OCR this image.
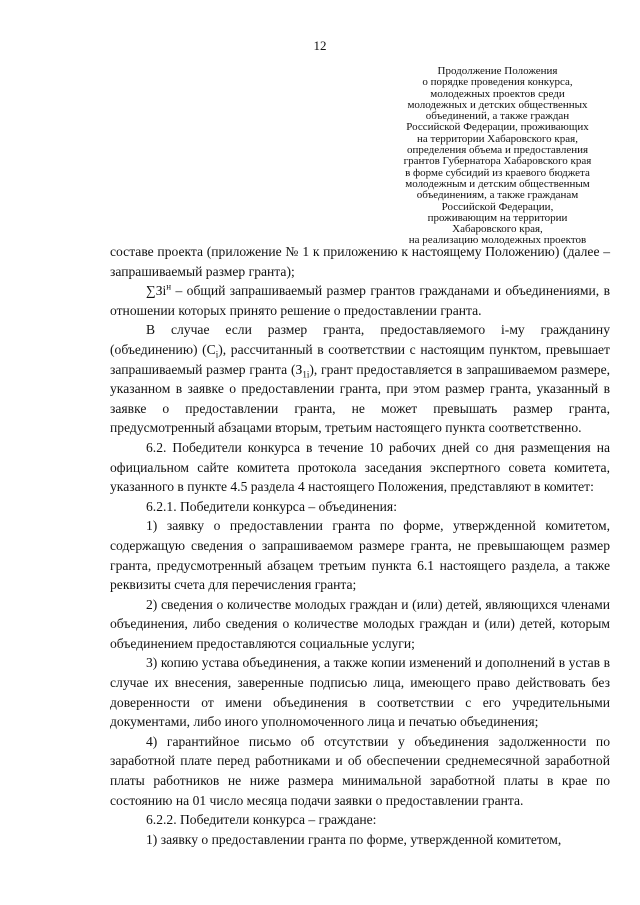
12
Продолжение Положения
о порядке проведения конкурса,
молодежных проектов среди
молодежных и детских общественных
объединений, а также граждан
Российской Федерации, проживающих
на территории Хабаровского края,
определения объема и предоставления
грантов Губернатора Хабаровского края
в форме субсидий из краевого бюджета
молодежным и детским общественным
объединениям, а также гражданам
Российской Федерации,
проживающим на территории
Хабаровского края,
на реализацию молодежных проектов

составе проекта (приложение № 1 к приложению к настоящему Положению) (далее – запрашиваемый размер гранта);

$\sum Зi^н$ – общий запрашиваемый размер грантов гражданами и объединениями, в отношении которых принято решение о предоставлении гранта.

В случае если размер гранта, предоставляемого i-му гражданину (объединению) $(С_i)$, рассчитанный в соответствии с настоящим пунктом, превышает запрашиваемый размер гранта $(З_{1i})$, грант предоставляется в запрашиваемом размере, указанном в заявке о предоставлении гранта, при этом размер гранта, указанный в заявке о предоставлении гранта, не может превышать размер гранта, предусмотренный абзацами вторым, третьим настоящего пункта соответственно.

6.2. Победители конкурса в течение 10 рабочих дней со дня размещения на официальном сайте комитета протокола заседания экспертного совета комитета, указанного в пункте 4.5 раздела 4 настоящего Положения, представляют в комитет:

6.2.1. Победители конкурса – объединения:

1) заявку о предоставлении гранта по форме, утвержденной комитетом, содержащую сведения о запрашиваемом размере гранта, не превышающем размер гранта, предусмотренный абзацем третьим пункта 6.1 настоящего раздела, а также реквизиты счета для перечисления гранта;

2) сведения о количестве молодых граждан и (или) детей, являющихся членами объединения, либо сведения о количестве молодых граждан и (или) детей, которым объединением предоставляются социальные услуги;

3) копию устава объединения, а также копии изменений и дополнений в устав в случае их внесения, заверенные подписью лица, имеющего право действовать без доверенности от имени объединения в соответствии с его учредительными документами, либо иного уполномоченного лица и печатью объединения;

4) гарантийное письмо об отсутствии у объединения задолженности по заработной плате перед работниками и об обеспечении среднемесячной заработной платы работников не ниже размера минимальной заработной платы в крае по состоянию на 01 число месяца подачи заявки о предоставлении гранта.

6.2.2. Победители конкурса – граждане:

1) заявку о предоставлении гранта по форме, утвержденной комитетом,
